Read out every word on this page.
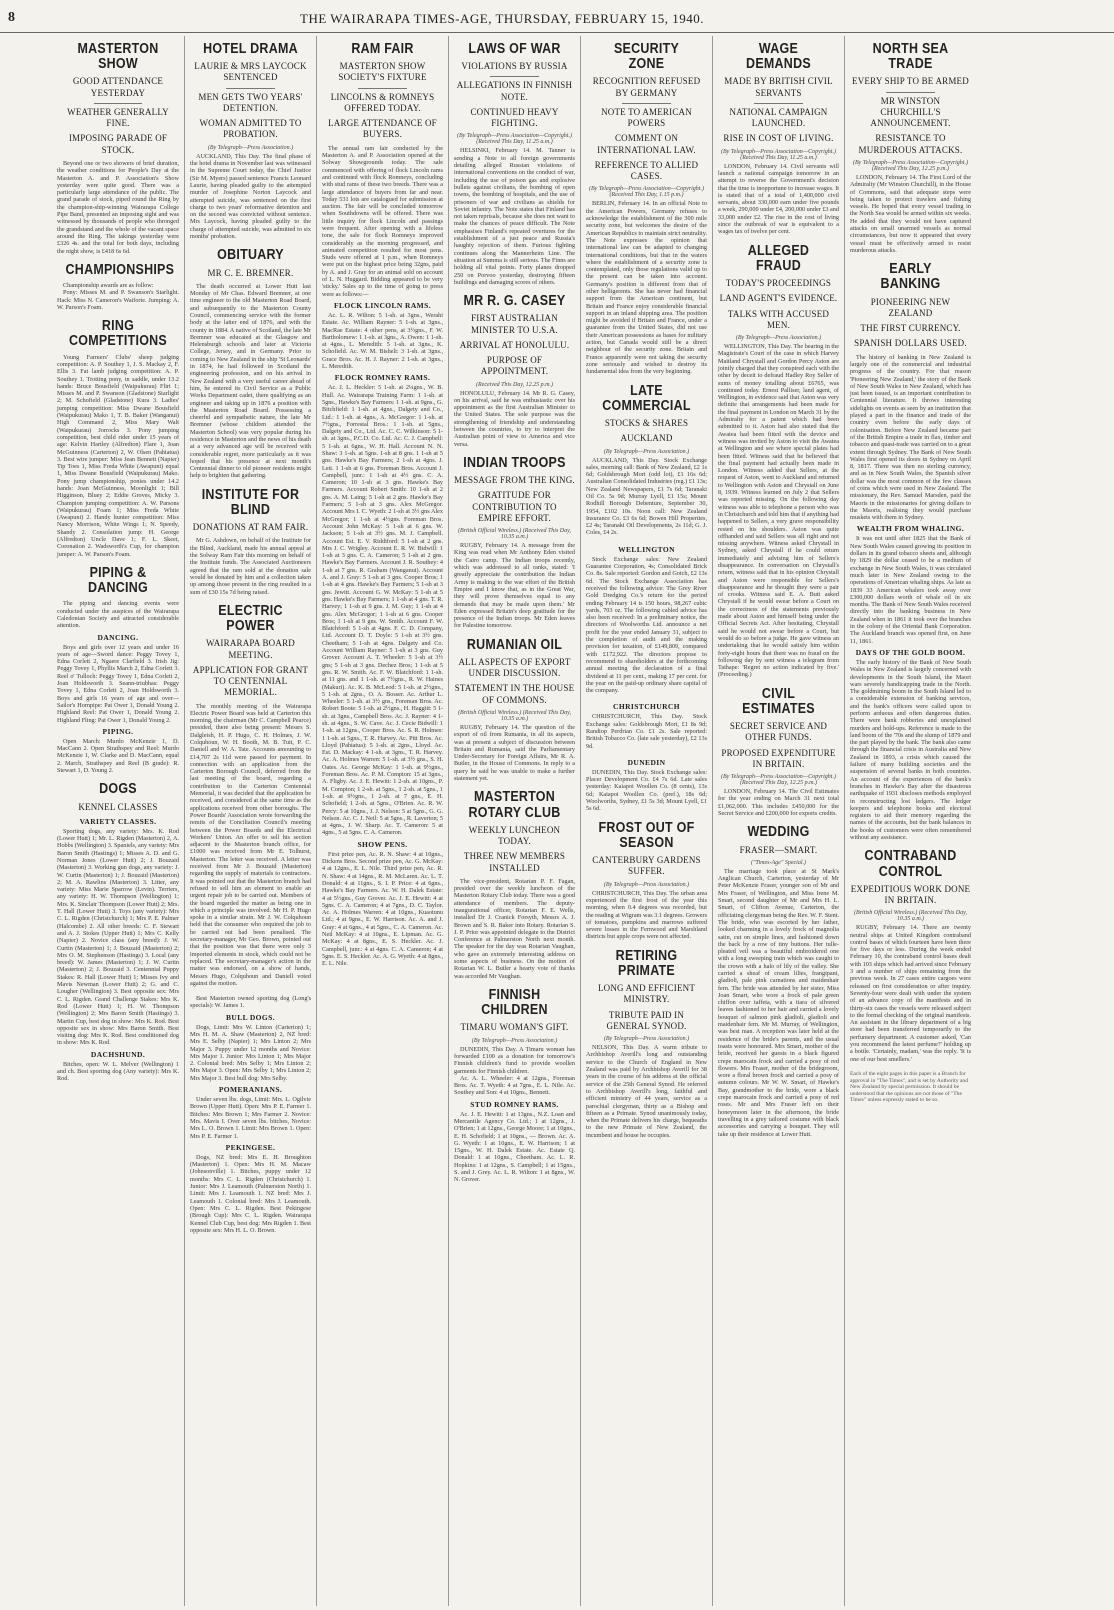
8	THE WAIRARAPA TIMES-AGE, THURSDAY, FEBRUARY 15, 1940.
MASTERTON SHOW
GOOD ATTENDANCE YESTERDAY
WEATHER GENERALLY FINE.
IMPOSING PARADE OF STOCK.

Beyond one or two showers of brief duration, the weather conditions for People's Day at the Masterton A. and P. Association's Show yesterday were quite good. There was a particularly large attendance of the public. The grand parade of stock, piped round the Ring by the champion-ship-winning Wairarapa College Pipe Band, presented an imposing sight and was witnessed by thousands of people who thronged the grandstand and the whole of the vacant space around the Ring. The takings yesterday were £326 4s. and the total for both days, including the night show, is £418 6s 6d.

CHAMPIONSHIPS

Championship awards are as follow:

Pony: Misses M. and P. Swanson's Starlight. Hack: Miss N. Cameron's Waiforte. Jumping: A. W. Parson's Foam.

RING COMPETITIONS

Young Farmers' Clubs' sheep judging competition: A. P. Southey 1, J. S. Mackay 2, F. Ellis 3. Fat lamb judging competition: A. P. Southey 1. Trotting pony, in saddle, under 13.2 hands: Bruce Bousfield (Waipukurau) Flirt 1; Misses M. and P. Swanson (Gladstone) Starlight 2; M. Schofield (Gladstone) Kura 3. Ladies' jumping competition: Miss Dwane Bousfield (Waipukurau) Mako 1, T. B. Baker (Wanganui) High Command 2, Miss Mary Walt (Waipukurau) Jorrocks 3. Pony jumping competition, best child rider under 15 years of age: Kelvin Hartley (Alfredton) Flare 1, Joan McGuinness (Carterton) 2, W. Olsen (Pahiatua) 3. Best wire jumper: Miss Jean Bennett (Napier) Tip Toes 1, Miss Freda White (Awapuni) equal 1, Miss Dwane Bousfield (Waipukurau) Mako. Pony jump championship, ponies under 14.2 hands: Joan McGuinness, Moonlight 1; Bill Higginson, Bluey 2; Eddie Groves, Micky 3. Champion jumping competition: A. W. Parsons (Waipukurau) Foam 1; Miss Freda White (Awapuni) 2. Handy hunter competition: Miss Nancy Morrison, White Wings 1; N. Speedy, Shandy 2. Consolation jump: H. George (Alfredton) Uncle Dave 1; F. L. Skeet, Coronation 2. Wadsworth's Cup, for champion jumper: A. W. Parson's Foam.

PIPING & DANCING

The piping and dancing events were conducted under the auspices of the Wairarapa Caledonian Society and attracted considerable attention.

DANCING.

Boys and girls over 12 years and under 16 years of age—Sword dance: Peggy Tovey 1, Edna Corlett 2, Ngaere Clarfield 3. Irish Jig: Peggy Tovey 1, Phyllis March 2, Edna Corlett 3. Reel o' Tulloch: Peggy Tovey 1, Edna Corlett 2, Joan Holdsworth 3. Seann-triubhas: Peggy Tovey 1, Edna Corlett 2, Joan Holdsworth 3. Boys and girls 16 years of age and over—Sailor's Hornpipe: Pat Ower 1, Donald Young 2. Highland Reel: Pat Ower 1, Donald Young 2. Highland Fling: Pat Ower 1, Donald Young 2.

PIPING.

Open March: Murdo McKenzie 1, D. MacCann 2. Open Strathspey and Reel: Murdo McKenzie 1, W. Clarke and D. MacCann, equal 2. March, Strathspey and Reel (B grade): R. Stewart 1, D. Young 2.

DOGS
KENNEL CLASSES
VARIETY CLASSES.

Sporting dogs, any variety: Mrs. K. Rod (Lower Hutt) 1; Mr. L. Rigden (Masterton) 2, A. Hobbs (Wellington) 3. Spaniels, any variety: Mrs Baron Smith (Hastings) 1; Misses A. D. and G. Norman Jones (Lower Hutt) 2; J. Bouzaid (Masterton) 3. Working gun dogs, any variety: J. W. Curtin (Masterton) 1; J. Bouzaid (Masterton) 2; M. A. Rawlins (Masterton) 3. Litter, any variety: Miss Marie Sparrow (Levin). Terriers, any variety: H. W. Thompson (Wellington) 1; Mrs. K. Sinclair Thompson (Lower Hutt) 2; Mrs. T. Hall (Lower Hutt) 3. Toys (any variety): Mrs C. L. Rigden (Christchurch) 1; Mrs P. E. Palmer (Halcombe) 2. All other breeds: C. F. Stewart and A. J. Stokes (Upper Hutt) 1; Mrs C. Kelly (Napier) 2. Novice class (any breed): J. W. Curtin (Masterton) 1; J. Bouzaid (Masterton) 2; Mrs O. M. Stephenson (Hastings) 3. Local (any breed): W. James (Masterton) 1; J. W. Curtin (Masterton) 2; J. Bouzaid 3. Centennial Puppy Stakes: R. Hall (Lower Hutt) 1; Misses Ivy and Mavis Newman (Lower Hutt) 2; G. and C. Lougher (Wellington) 3. Best opposite sex: Mrs C. L. Rigden. Grand Challenge Stakes: Mrs K. Rod (Lower Hutt) 1; H. W. Thompson (Wellington) 2; Mrs Baron Smith (Hastings) 3. Martin Cup, best dog in show: Mrs K. Rod. Best opposite sex in show: Mrs Baron Smith. Best visiting dog: Mrs K. Rod. Best conditioned dog in show: Mrs K. Rod.

DACHSHUND.

Bitches, open: W. L. Melver (Wellington) 1 and ch. Best sporting dog (Any variety): Mrs K. Rod.

HOTEL DRAMA
LAURIE & MRS LAYCOCK SENTENCED
MEN GETS TWO YEARS' DETENTION.
WOMAN ADMITTED TO PROBATION.
(By Telegraph—Press Association.)

AUCKLAND, This Day. The final phase of the hotel drama in November last was witnessed in the Supreme Court today, the Chief Justice (Sir M. Myers) passed sentence Francis Leonard Laurie, having pleaded guilty to the attempted murder of Josephine Norton Laycock and attempted suicide, was sentenced on the first charge to two years' reformative detention and on the second was convicted without sentence. Mrs Laycock, having pleaded guilty to the charge of attempted suicide, was admitted to six months' probation.

OBITUARY
MR C. E. BREMNER.

The death occurred at Lower Hutt last Monday of Mr Chas. Edward Bremner, at one time engineer to the old Masterton Road Board, and subsequently to the Masterton County Council, commencing service with the former body at the latter end of 1876, and with the county in 1884. A native of Scotland, the late Mr Bremner was educated at the Glasgow and Helensburgh schools and later at Victoria College, Jersey, and in Germany. Prior to coming to New Zealand in the ship 'St Leonards' in 1874, he had followed in Scotland the engineering profession, and on his arrival in New Zealand with a very useful career ahead of him, he entered its Civil Service as a Public Works Department cadet, there qualifying as an engineer and taking up in 1876 a position with the Masterton Road Board. Possessing a cheerful and sympathetic nature, the late Mr Bremner (whose children attended the Masterton School) was very popular during his residence in Masterton and the news of his death at a very advanced age will be received with considerable regret, more particularly as it was hoped that his presence at next month's Centennial dinner to old pioneer residents might help to brighten that gathering.

INSTITUTE FOR BLIND
DONATIONS AT RAM FAIR.

Mr G. Ashdown, on behalf of the Institute for the Blind, Auckland, made his annual appeal at the Solway Ram Fair this morning on behalf of the Institute funds. The Associated Auctioneers agreed that the ram sold at the donation sale would be donated by him and a collection taken up among those present in the ring resulted in a sum of £30 15s 7d being raised.

ELECTRIC POWER
WAIRARAPA BOARD MEETING.
APPLICATION FOR GRANT TO CENTENNIAL MEMORIAL.

The monthly meeting of the Wairarapa Electric Power Board was held at Carterton this morning, the chairman (Mr C. Campbell Pearce) presided, there also being present: Messrs S. Dalgleish, H. P. Hugo, C. H. Holmes, J. W. Colquhoun, W. H. Booth, M. B. Tuit, P. C. Daniell and W. A. Tate. Accounts amounting to £14,707 2s 11d were passed for payment. In connection with an application from the Carterton Borough Council, deferred from the last meeting of the board, regarding a contribution to the Carterton Centennial Memorial, it was decided that the application be received, and considered at the same time as the applications received from other boroughs. The Power Boards' Association wrote forwarding the remits of the Conciliation Council's meeting between the Power Boards and the Electrical Workers' Union. An offer to sell his section adjacent to the Masterton branch office, for £1000 was received from Mr E. Tolhurst, Masterton. The letter was received. A letter was received from Mr J. Bouzaid (Masterton) regarding the supply of materials to contractors. It was pointed out that the Masterton branch had refused to sell him an element to enable an urgent repair job to be carried out. Members of the board regarded the matter as being one in which a principle was involved. Mr H. P. Hugo spoke in a similar strain. Mr J. W. Colquhoun held that the consumer who required the job to be carried out had been penalised. The secretary-manager, Mr Geo. Brown, pointed out that the position was that there were only 3 imported elements in stock, which could not be replaced. The secretary-manager's action in the matter was endorsed, on a show of hands, Messrs Hugo, Colquhoun and Daniell voted against the motion.

Best Masterton owned sporting dog (Long's specials): W. James 1.

BULL DOGS.

Dogs, Limit: Mrs W. Linton (Carterton) 1; Mrs H. M. A. Shaw (Masterton) 2, NZ bred: Mrs E. Selby (Napier) 1; Mrs Linton 2; Mrs Major 3. Puppy under 12 months and Novice: Mrs Major 1. Junior: Mrs Linton 1; Mrs Major 2. Colonial bred: Mrs Selby 1; Mrs Linton 2; Mrs Major 3. Open: Mrs Selby 1; Mrs Linton 2; Mrs Major 3. Best bull dog: Mrs Selby.

POMERANIANS.

Under seven lbs. dogs, Limit: Mrs. L. Ogilvie Brown (Upper Hutt). Open: Mrs P. E. Farmer 1. Bitches: Mrs Brown 1; Mrs Farmer 2. Novice: Mrs. Mavis I. Over seven lbs. bitches, Novice: Mrs L. O. Brown 1. Limit: Mrs Brown 1. Open: Mrs P. E. Farmer 1.

PEKINGESE.

Dogs, NZ bred: Mrs E. H. Broughton (Masterton) 1. Open: Mrs H. M. Macaw (Johnsonville) 1. Bitches, puppy under 12 months: Mrs C. L. Rigden (Christchurch) 1. Junior: Mrs J. Leamouth (Palmerston North) 1. Limit: Mrs J. Leamouth 1. NZ bred: Mrs J. Leamouth 1. Colonial bred: Mrs J. Leamouth. Open: Mrs C. L. Rigden. Best Pekingese (Brough Cup): Mrs C. L. Rigden. Wairarapa Kennel Club Cup, best dog: Mrs Rigden 1. Best opposite sex: Mrs H. L. O. Brown.

RAM FAIR
MASTERTON SHOW SOCIETY'S FIXTURE
LINCOLNS & ROMNEYS OFFERED TODAY.
LARGE ATTENDANCE OF BUYERS.

The annual ram fair conducted by the Masterton A. and P. Association opened at the Solway Showgrounds today. The sale commenced with offering of flock Lincoln rams and continued with flock Romneys, concluding with stud rams of these two breeds. There was a large attendance of buyers from far and near. Today 531 lots are catalogued for submission at auction. The fair will be concluded tomorrow when Southdowns will be offered. There was little inquiry for flock Lincoln and passings were frequent. After opening with a lifeless tone, the sale for flock Romneys improved considerably as the morning progressed, and animated competition resulted for most pens. Studs were offered at 1 p.m., when Romneys were put on the highest price being 32gns, paid by A. and J. Gray for an animal sold on account of L. N. Huggard. Bidding appeared to be very 'sticky.' Sales up to the time of going to press were as follows:—

FLOCK LINCOLN RAMS.

Ac. L. R. Wilton: 5 1-sh. at 3gns., Werahi Estate. Ac. William Rayner: 5 1-sh. at 3gns., MacRae Estate: 4 other pens, at 3½gns., F. W. Bartholomew: 1 1-sh. at 3gns., A. Owen: 1 1-sh. at 4gns., L. Meredith: 5 1-sh. at 3gns., K. Schofield. Ac. W. M. Bisheli: 3 1-sh. at 3gns., Grace Bros. Ac. H. J. Rayner: 2 1-sh. at 3gns., L. Meredith.

FLOCK ROMNEY RAMS.

Ac. J. L. Heckler: 5 1-sh. at 2¼gns., W. B. Hull. Ac. Wairarapa Training Farm: 1 1-sh. at 5gns., Hawke's Bay Farmers: 1 1-sh. at 9gns., G. Bitchfield: 1 1-sh. at 4gns., Dalgety and Co., Ltd.: 1 1-sh. at 4gns., A. McGregor: 1 1-sh. at 7½gns., Forrestal Bros.: 1 1-sh. at 5gns., Dalgety and Co., Ltd. Ac. C. C. Wilkinson: 5 1-sh. at 3gns., P.C.D. Co. Ltd. Ac. C. J. Campbell: 5 1-sh. at 6gns., W. H. Hall. Account N. N. Shaw: 3 1-sh. at 5gns. 1-sh at 8 gns. 1 1-sh at 5 gns. Hawke's Bay Farmers; 2 1-sh at 4gns. J. Lett. 1 1-sh at 6 gns. Foreman Bros. Account J. Campbell, junr.: 1 1-sh at 4½ gns. C. A. Cameron; 10 1-sh at 3 gns. Hawke's Bay Farmers. Account Robert Smith: 10 1-sh at 2 gns. A. M. Laing; 5 1-sh at 2 gns. Hawke's Bay Farmers; 5 1-sh at 3 gns. Alex McGregor. Account Mrs I. C. Wyeth: 2 1-sh at 3½ gns Alex McGregor; 1 1-sh at 4½gns. Foreman Bros. Account John McKay: 5 1-sh at 6 gns. W. Jackson; 5 1-sh at 3½ gns. M. J. Campbell. Account Est. E. V. Riddiford: 5 1-sh at 2 gns. Mrs J. C. Wrigley. Account E. R. W. Bidwill: 1 1-sh at 3 gns. C. A. Cameron; 5 1-sh at 2 gns. Hawke's Bay Farmers. Account J. R. Southey: 4 1-sh at 7 gns. R. Graham (Wanganui). Account A. and J. Gray: 5 1-sh at 3 gns. Cooper Bros; 1 1-sh at 4 gns. Hawke's Bay Farmers; 5 1-sh at 3 gns. Jewitt. Account G. W. McKay: 5 1-sh at 5 gns. Hawke's Bay Farmers; 1 1-sh at 4 gns. T. R. Harvey; 1 1-sh at 9 gns. J. M. Guy; 1 1-sh at 4 gns. Alex McGregor; 1 1-sh at 6 gns. Cooper Bros; 1 1-sh at 9 gns. W. Smith. Account F. W. Blatchford: 5 1-sh at 4gns. F. C. D. Company, Ltd. Account D. T. Doyle: 5 1-sh at 3½ gns. Cheetham; 5 1-sh at 4gns. Dalgety and Co. Account William Rayner: 5 1-sh at 3 gns. Guy Grover. Account A. T. Wheeler: 5 1-sh at 3½ gns; 5 1-sh at 3 gns. Dechez Bros; 1 1-sh at 5 gns. R. W. Smith. Ac. F. W. Blatchford: 1 1-sh. at 11 gns. and 1 1-sh. at 7½gns., R. W. Haines (Makuri). Ac. K. B. McLeod: 5 1-sh. at 2½gns., 5 1-sh. at 2gns., O. A. Bosser. Ac. Arthur L. Wheeler: 5 1-sh. at 3½ gns., Foreman Bros. Ac. Robert Boote: 5 1-sh. at 2½gns., H. Haggitt: 5 1-sh. at 3gns., Campbell Bros. Ac. J. Rayner: 4 1-sh. at 4gns., S. W. Cave. Ac. J. Cecie Bidwill: 1 1-sh. at 12gns., Cooper Bros. Ac. S. R. Holmes: 1 1-sh. at 5gns., T. R. Harvey. Ac. Pitt Bros. Ac. Lloyd (Pahiatua): 5 1-sh. at 2gns., Lloyd. Ac. Est. D. Mackay: 4 1-sh. at 3gns., T. R. Harvey. Ac. A. Holmes Warren: 5 1-sh. at 3½ gns., S. H. Oates. Ac. George McKay: 1 1-sh. at 9½gns., Foreman Bros. Ac. P. M. Compton: 15 at 3gns., A. Fligby. Ac. J. E. Hewitt: 1 2-sh. at 10gns., P. M. Compton; 1 2-sh. at 5gns., 1 2-sh. at 5gns., 1 1-sh. at 9½gns., 1 2-sh. at 7 gns., E. H. Schofield; 1 2-sh. at 5gns., O'Brien. Ac. R. W. Percy: 5 at 10gns., J. J. Nelson: 5 at 5gns., G. G. Nelson. Ac. C. J. Neil: 5 at 5gns., R. Laverton; 5 at 4gns., J. W. Sharp. Ac. T. Cameron: 5 at 4gns., 5 at 5gns. C. A. Cameron.

SHOW PENS.

First prize pen, Ac. R. N. Shaw: 4 at 10gns., Dickens Bros. Second prize pen, Ac. G. McKay: 4 at 12gns., E. L. Nile. Third prize pen, Ac. R. N. Shaw: 4 at 14gns., R. M. McLaren. Ac. L. T. Donald: 4 at 11gns., S. I. P. Price: 4 at 6gns., Hawke's Bay Farmers. Ac. W. H. Dalek Estate: 4 at 5½gns., Guy Grover. Ac. J. E. Hewitt: 4 at 5gns. C. A. Cameron; 4 at 7gns., D. C. Taylor. Ac. A. Holmes Warren: 4 at 10gns., Kuaotunu Ltd.; 4 at 9gns., E. W. Harrison. Ac. A. and J. Gray: 4 at 6gns., 4 at 5gns., C. A. Cameron. Ac. Neil McKay: 4 at 10gns., E. Lipman. Ac. G. McKay: 4 at 8gns., E. S. Heckler. Ac. J. Campbell, junr.: 4 at 4gns. C. A. Cameron; 4 at 5gns. E. S. Heckler. Ac. A. G. Wyeth: 4 at 8gns., E. L. Nile.

LAWS OF WAR
VIOLATIONS BY RUSSIA
ALLEGATIONS IN FINNISH NOTE.
CONTINUED HEAVY FIGHTING.
(By Telegraph—Press Association—Copyright.) (Received This Day, 11.25 a.m.)

HELSINKI, February 14. M. Tanner is sending a Note to all foreign governments detailing alleged Russian violations of international conventions on the conduct of war, including the use of poison gas and explosive bullets against civilians, the bombing of open towns, the bombing of hospitals, and the use of prisoners of war and civilians as shields for Soviet infantry. The Note states that Finland has not taken reprisals, because she does not want to make the chances of peace difficult. The Note emphasises Finland's repeated overtures for the establishment of a just peace and Russia's haughty rejection of them. Furious fighting continues along the Mannerheim Line. The situation at Summa is still serious. The Finns are holding all vital points. Forty planes dropped 250 on Porvoo yesterday, destroying fifteen buildings and damaging scores of others.

MR R. G. CASEY
FIRST AUSTRALIAN MINISTER TO U.S.A.
ARRIVAL AT HONOLULU.
PURPOSE OF APPOINTMENT.
(Received This Day, 12.25 p.m.)

HONOLULU, February 14. Mr R. G. Casey, on his arrival, said he was enthusiastic over his appointment as the first Australian Minister to the United States. The sole purpose was the strengthening of friendship and understanding between the countries, to try to interpret the Australian point of view to America and vice versa.

INDIAN TROOPS
MESSAGE FROM THE KING.
GRATITUDE FOR CONTRIBUTION TO EMPIRE EFFORT.
(British Official Wireless.) (Received This Day, 10.35 a.m.)

RUGBY, February 14. A message from the King was read when Mr Anthony Eden visited the Cairo camp. The Indian troops recently, which was addressed to all ranks, stated: 'I greatly appreciate the contribution the Indian Army is making to the war effort of the British Empire and I know that, as in the Great War, they will prove themselves equal to any demands that may be made upon them.' Mr Eden expressed Britain's deep gratitude for the presence of the Indian troops. Mr Eden leaves for Palestine tomorrow.

RUMANIAN OIL
ALL ASPECTS OF EXPORT UNDER DISCUSSION.
STATEMENT IN THE HOUSE OF COMMONS.
(British Official Wireless.) (Received This Day, 10.35 a.m.)

RUGBY, February 14. The question of the export of oil from Rumania, in all its aspects, was at present a subject of discussion between Britain and Rumania, said the Parliamentary Under-Secretary for Foreign Affairs, Mr R. A. Butler, in the House of Commons. In reply to a query he said he was unable to make a further statement yet.

MASTERTON ROTARY CLUB
WEEKLY LUNCHEON TODAY.
THREE NEW MEMBERS INSTALLED

The vice-president, Rotarian P. F. Fagan, presided over the weekly luncheon of the Masterton Rotary Club today. There was a good attendance of members. The deputy-inaugurational officer, Rotarian F. E. Wells, installed Dr J. Cranick Forsyth, Messrs A. J. Brown and S. R. Baker into Rotary. Rotarian S. J. P. Prior was appointed delegate to the District Conference at Palmerston North next month. The speaker for the day was Rotarian Vaughan, who gave an extremely interesting address on some aspects of business. On the motion of Rotarian W. L. Butler a hearty vote of thanks was accorded Mr Vaughan.

FINNISH CHILDREN
TIMARU WOMAN'S GIFT.
(By Telegraph—Press Association.)

DUNEDIN, This Day. A Timaru woman has forwarded £100 as a donation for tomorrow's Finnish children's fund to provide woollen garments for Finnish children.

Ac. A. L. Wheeler: 4 at 12gns., Foreman Bros. Ac. T. Wyeth: 4 at 7gns., E. L. Nile. Ac. Southey and Son: 4 at 10gns., Bennett.

STUD ROMNEY RAMS.

Ac. J. E. Hewitt: 1 at 13gns., N.Z. Loan and Mercantile Agency Co. Ltd.; 1 at 12gns., J. O'Brien; 1 at 12gns., George Moore; 1 at 10gns., E. H. Schofield; 1 at 10gns., — Brown. Ac. A. G. Wyeth: 1 at 10gns., E. W. Harrison; 1 at 15gns., W. H. Dalek Estate. Ac. Estate Q. Donald: 1 at 10gns., Cheetham. Ac. L. R. Hopkins: 1 at 12gns., S. Campbell; 1 at 15gns., S. and J. Grey. Ac. L. R. Wilton: 1 at 8gns., W. N. Grover.

SECURITY ZONE
RECOGNITION REFUSED BY GERMANY
NOTE TO AMERICAN POWERS
COMMENT ON INTERNATIONAL LAW.
REFERENCE TO ALLIED CASES.
(By Telegraph—Press Association—Copyright.) (Received This Day, 1.15 p.m.)

BERLIN, February 14. In an official Note to the American Powers, Germany refuses to acknowledge the establishment of the 300 mile security zone, but welcomes the desire of the American Republics to maintain strict neutrality. The Note expresses the opinion that international law can be adapted to changing international conditions, but that in the waters where the establishment of a security zone is contemplated, only those regulations valid up to the present can be taken into account. Germany's position is different from that of other belligerents. She has never had financial support from the American continent, but Britain and France enjoy considerable financial support in an inland shipping area. The position might be avoided if Britain and France, under a guarantee from the United States, did not use their American possessions as bases for military action, but Canada would still be a direct neighbour of the security zone. Britain and France apparently were not taking the security zone seriously and wished to destroy its fundamental idea from the very beginning.

LATE COMMERCIAL
STOCKS & SHARES
AUCKLAND
(By Telegraph—Press Association.)

AUCKLAND, This Day. Stock Exchange sales, morning call: Bank of New Zealand, £2 1s 6d; Goldsbrough Mort (odd lot), £1 16s 6d; Australian Consolidated Industries (reg.) £1 13s; New Zealand Newspapers, £1 7s 6d; Taranaki Oil Co. 5s 9d; Murray Lyell, £1 15s; Mount Rodhill Borough Debenture, September 30, 1954, £102 10s. Noon call: New Zealand Insurance Co. £3 6s 6d; Bowen Hill Properties, £2 4s; Taranaki Oil Developments, 2s 11d; G. J. Coles, £4 2s.

WELLINGTON

Stock Exchange sales: New Zealand Guarantee Corporation, 4s; Consolidated Brick Co. 8s. Sale reported: Gordon and Gotch, £2 13s 6d. The Stock Exchange Association has received the following advice: The Grey River Gold Dredging Co.'s return for the period ending February 14 is 150 hours, 98,267 cubic yards, 703 oz. The following cabled advice has also been received: In a preliminary notice, the directors of Woolworths Ltd. announce a net profit for the year ended January 31, subject to the completion of audit and the making provision for taxation, of £149,809, compared with £172,922. The directors propose to recommend to shareholders at the forthcoming annual meeting the declaration of a final dividend at 11 per cent., making 17 per cent. for the year on the paid-up ordinary share capital of the company.

CHRISTCHURCH

CHRISTCHURCH, This Day. Stock Exchange sales: Goldsbrough Mort, £1 8s 9d; Randiop Perdrian Co. £1 2s. Sale reported: British Tobacco Co. (late sale yesterday), £2 13s 9d.

DUNEDIN

DUNEDIN, This Day. Stock Exchange sales: Placer Development Co. £4 7s 6d. Late sales yesterday: Kaiapoi Woollen Co. (8 cents), 13s 6d; Kaiapoi Woollen Co. (pref.), 18s 6d; Woolworths, Sydney, £1 5s 3d; Mount Lyell, £1 5s 6d.

FROST OUT OF SEASON
CANTERBURY GARDENS SUFFER.
(By Telegraph—Press Association.)

CHRISTCHURCH, This Day. The urban area experienced the first frost of the year this morning, when 0.4 degrees was recorded, but the reading at Wigram was 3.1 degrees. Growers of tomatoes, pumpkins and marrows suffered severe losses in the Fernwood and Marshland districts but apple crops were not affected.

RETIRING PRIMATE
LONG AND EFFICIENT MINISTRY.
TRIBUTE PAID IN GENERAL SYNOD.
(By Telegraph—Press Association.)

NELSON, This Day. A warm tribute to Archbishop Averill's long and outstanding service to the Church of England in New Zealand was paid by Archbishop Averill for 38 years in the course of his address at the official service of the 25th General Synod. He referred to Archbishop Averill's long, faithful and efficient ministry of 44 years, service as a parochial clergyman, thirty as a Bishop and fifteen as a Primate. Synod unanimously today, when the Primate delivers his charge, bequeaths to the new Primate of New Zealand, the incumbent and house he occupies.

WAGE DEMANDS
MADE BY BRITISH CIVIL SERVANTS
NATIONAL CAMPAIGN LAUNCHED.
RISE IN COST OF LIVING.
(By Telegraph—Press Association—Copyright.) (Received This Day, 11.25 a.m.)

LONDON, February 14. Civil servants will launch a national campaign tomorrow in an attempt to reverse the Government's decision that the time is inopportune to increase wages. It is stated that of a total of 1,400,000 civil servants, about 330,000 earn under five pounds a week, 290,000 under £4, 200,000 under £3 and 33,000 under £2. The rise in the cost of living since the outbreak of war is equivalent to a wages tax of twelve per cent.

ALLEGED FRAUD
TODAY'S PROCEEDINGS
LAND AGENT'S EVIDENCE.
TALKS WITH ACCUSED MEN.
(By Telegraph—Press Association.)

WELLINGTON, This Day. The hearing in the Magistrate's Court of the case in which Harvey Maitland Chrystall and Gordon Percy Aston are jointly charged that they conspired each with the other by deceit to defraud Hadley Roy Seller of sums of money totalling about £6765, was continued today. Ernest Palliser, land agent, of Wellington, in evidence said that Aston was very definite that arrangements had been made for the final payment in London on March 31 by the Admiralty for a patent which had been submitted to it. Aston had also stated that the Awatea had been fitted with the device and witness was invited by Aston to visit the Awatea at Wellington and see where special plates had been fitted. Witness said that he believed that the final payment had actually been made in London. Witness added that Sellers, at the request of Aston, went to Auckland and returned to Wellington with Aston and Chrystall on June 8, 1939. Witness learned on July 2 that Sellers was reported missing. On the following day witness was able to telephone a person who was in Christchurch and told him that if anything had happened to Sellers, a very grave responsibility rested on his shoulders. Aston was quite offhanded and said Sellers was all right and not missing anywhere. Witness asked Chrystall in Sydney, asked Chrystall if he could return immediately and advising him of Sellers's disappearance. In conversation on Chrystall's return, witness said that in his opinion Chrystall and Aston were responsible for Sellers's disappearance and he thought they were a pair of crooks. Witness said E. A. Butt asked Chrystall if he would swear before a Court on the correctness of the statements previously made about Aston and himself being under the Official Secrets Act. After hesitating, Chrystall said he would not swear before a Court, but would do so before a judge. He gave witness an undertaking that he would satisfy him within forty-eight hours that there was no fraud on the following day by sent witness a telegram from Taihape: 'Regret no action indicated by five.' (Proceeding.)

CIVIL ESTIMATES
SECRET SERVICE AND OTHER FUNDS.
PROPOSED EXPENDITURE IN BRITAIN.
(By Telegraph—Press Association—Copyright.) (Received This Day, 12.25 p.m.)

LONDON, February 14. The Civil Estimates for the year ending on March 31 next total £1,062,000. This includes £450,000 for the Secret Service and £200,000 for exports credits.

WEDDING
FRASER—SMART.
("Times-Age" Special.)

The marriage took place at St Mark's Anglican Church, Carterton, yesterday of Mr Peter McKenzie Fraser, younger son of Mr and Mrs Fraser, of Wellington, and Miss Irene M. Smart, second daughter of Mr and Mrs H. L. Smart, of Clifton Avenue, Carterton, the officiating clergyman being the Rev. W. F. Stent. The bride, who was escorted by her father, looked charming in a lovely frock of magnolia satin, cut on simple lines, and fashioned down the back by a row of tiny buttons. Her tulle-pleated veil was a beautiful embroidered one with a long sweeping train which was caught to the crown with a halo of lily of the valley. She carried a sheaf of cream lilies, frangipani, gladioli, pale pink carnations and maidenhair fern. The bride was attended by her sister, Miss Joan Smart, who wore a frock of pale green chiffon over taffeta, with a tiara of silvered leaves fashioned to her hair and carried a lovely bouquet of salmon pink gladioli, gladioli and maidenhair fern. Mr M. Murray, of Wellington, was best man. A reception was later held at the residence of the bride's parents, and the usual toasts were honoured. Mrs Smart, mother of the bride, received her guests in a black figured crepe marocain frock and carried a posy of red flowers. Mrs Fraser, mother of the bridegroom, wore a floral brown frock and carried a posy of autumn colours. Mr W. W. Smart, of Hawke's Bay, grandmother to the bride, wore a black crepe marocain frock and carried a posy of red roses. Mr and Mrs Fraser left on their honeymoon later in the afternoon, the bride travelling in a grey tailored costume with black accessories and carrying a bouquet. They will take up their residence at Lower Hutt.

NORTH SEA TRADE
EVERY SHIP TO BE ARMED
MR WINSTON CHURCHILL'S ANNOUNCEMENT.
RESISTANCE TO MURDEROUS ATTACKS.
(By Telegraph—Press Association—Copyright.) (Received This Day, 12.25 p.m.)

LONDON, February 14. The First Lord of the Admiralty (Mr Winston Churchill), in the House of Commons, said that adequate steps were being taken to protect trawlers and fishing vessels. He hoped that every vessel trading in the North Sea would be armed within six weeks. He added that they would not have captured attacks on small unarmed vessels as normal circumstances, but now it appeared that every vessel must be effectively armed to resist murderous attacks.

EARLY BANKING
PIONEERING NEW ZEALAND
THE FIRST CURRENCY.
SPANISH DOLLARS USED.

The history of banking in New Zealand is largely one of the commercial and industrial progress of the country. For that reason 'Pioneering New Zealand,' the story of the Bank of New South Wales in New Zealand, which has just been issued, is an important contribution to Centennial literature. It throws interesting sidelights on events as seen by an institution that played a part in the finance and trade of the country even before the early days of colonisation. Before New Zealand became part of the British Empire a trade in flax, timber and tobacco and quasi-trade was carried on to a great extent through Sydney. The Bank of New South Wales first opened its doors in Sydney on April 8, 1817. There was then no sterling currency, and as in New South Wales, the Spanish silver dollar was the most common of the few classes of coins which were used in New Zealand. The missionary, the Rev. Samuel Marsden, paid the Maoris in the missionaries for giving dollars to the Maoris, realising they would purchase muskets with them in Sydney.

WEALTH FROM WHALING.

It was not until after 1825 that the Bank of New South Wales caused growing its position in dollars in its grand tobacco sheets and, although by 1829 the dollar ceased to be a medium of exchange in New South Wales, it was circulated much later in New Zealand owing to the operations of American whaling ships. As late as 1839 33 American whalers took away over £300,000 dollars worth of whale oil in six months. The Bank of New South Wales received directly into the banking business in New Zealand when in 1861 it took over the branches in the colony of the Oriental Bank Corporation. The Auckland branch was opened first, on June 11, 1861.

DAYS OF THE GOLD BOOM.

The early history of the Bank of New South Wales in New Zealand is largely concerned with developments in the South Island, the Maori wars severely handicapping trade in the North. The goldmining boom in the South Island led to a considerable extension of banking services, and the bank's officers were called upon to perform arduous and often dangerous duties. There were bank robberies and unexplained murders and hold-ups. Reference is made to the land boom of the '70s and the slump of 1879 and the part played by the bank. The bank also came through the financial crisis in Australia and New Zealand in 1893, a crisis which caused the failure of many building societies and the suspension of several banks in both countries. An account of the experiences of the bank's branches in Hawke's Bay after the disastrous earthquake of 1931 discloses methods employed in reconstructing lost ledgers. The ledger keepers and telephone books and electoral registers to aid their memory regarding the names of the accounts, but the bank balances in the books of customers were often remembered without any assistance.

CONTRABAND CONTROL
EXPEDITIOUS WORK DONE IN BRITAIN.
(British Official Wireless.) (Received This Day, 10.35 a.m.)

RUGBY, February 14. There are twenty neutral ships at United Kingdom contraband control bases of which fourteen have been there for five days or less. During the week ended February 10, the contraband control bases dealt with 103 ships which had arrived since February 3 and a number of ships remaining from the previous week. In 27 cases entire cargoes were released on first consideration or after inquiry. Seventy-four were dealt with under the system of an advance copy of the manifests and in thirty-six cases the vessels were released subject to the formal checking of the original manifests. An assistant in the library department of a big store had been transferred temporarily to the perfumery department. A customer asked, 'Can you recommend the latest perfume?' holding up a bottle. 'Certainly, madam,' was the reply. 'It is one of our best smellers.'

Each of the eight pages in this paper is a Branch for approval in "The Times", and is set by Authority and New Zealand by special permission. It should be understood that the opinions are not those of "The Times" unless expressly stated to be so.
